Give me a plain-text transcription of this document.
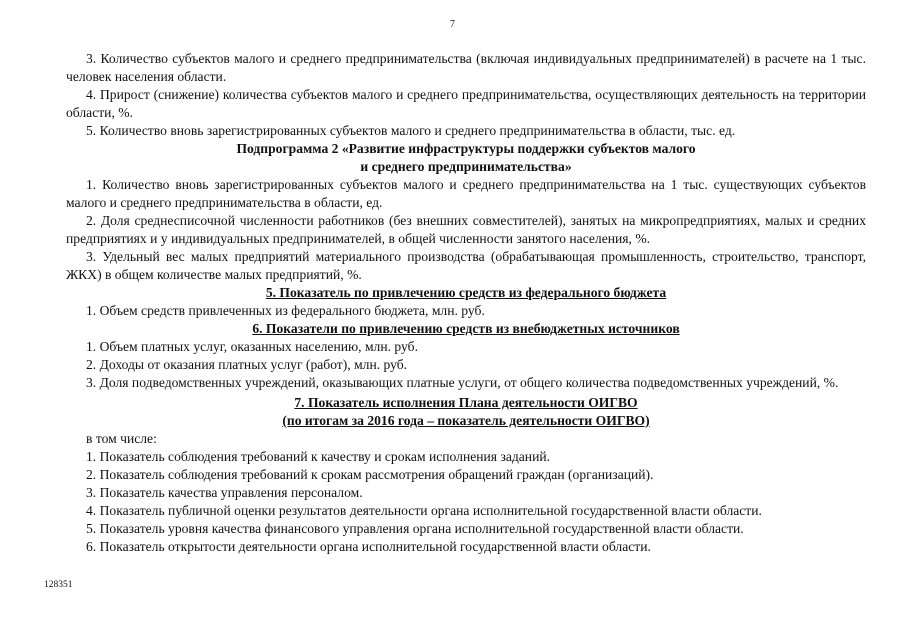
7

3. Количество субъектов малого и среднего предпринимательства (включая индивидуальных предпринимателей) в расчете на 1 тыс. человек населения области.

4. Прирост (снижение) количества субъектов малого и среднего предпринимательства, осуществляющих деятельность на территории области, %.

5. Количество вновь зарегистрированных субъектов малого и среднего предпринимательства в области, тыс. ед.

Подпрограмма 2 «Развитие инфраструктуры поддержки субъектов малого

и среднего предпринимательства»

1. Количество вновь зарегистрированных субъектов малого и среднего предпринимательства на 1 тыс. существующих субъектов малого и среднего предпринимательства в области, ед.

2. Доля среднесписочной численности работников (без внешних совместителей), занятых на микропредприятиях, малых и средних предприятиях и у индивидуальных предпринимателей, в общей численности занятого населения, %.

3. Удельный вес малых предприятий материального производства (обрабатывающая промышленность, строительство, транспорт, ЖКХ) в общем количестве малых предприятий, %.

5. Показатель по привлечению средств из федерального бюджета

1. Объем средств привлеченных из федерального бюджета, млн. руб.

6. Показатели по привлечению средств из внебюджетных источников

1. Объем платных услуг, оказанных населению, млн. руб.

2. Доходы от оказания платных услуг (работ), млн. руб.

3. Доля подведомственных учреждений, оказывающих платные услуги, от общего количества подведомственных учреждений, %.

7. Показатель исполнения Плана деятельности ОИГВО

(по итогам за 2016 года – показатель деятельности ОИГВО)

в том числе:

1. Показатель соблюдения требований к качеству и срокам исполнения заданий.

2. Показатель соблюдения требований к срокам рассмотрения обращений граждан (организаций).

3. Показатель качества управления персоналом.

4. Показатель публичной оценки результатов деятельности органа исполнительной государственной власти области.

5. Показатель уровня качества финансового управления органа исполнительной государственной власти области.

6. Показатель открытости деятельности органа исполнительной государственной власти области.

128351
